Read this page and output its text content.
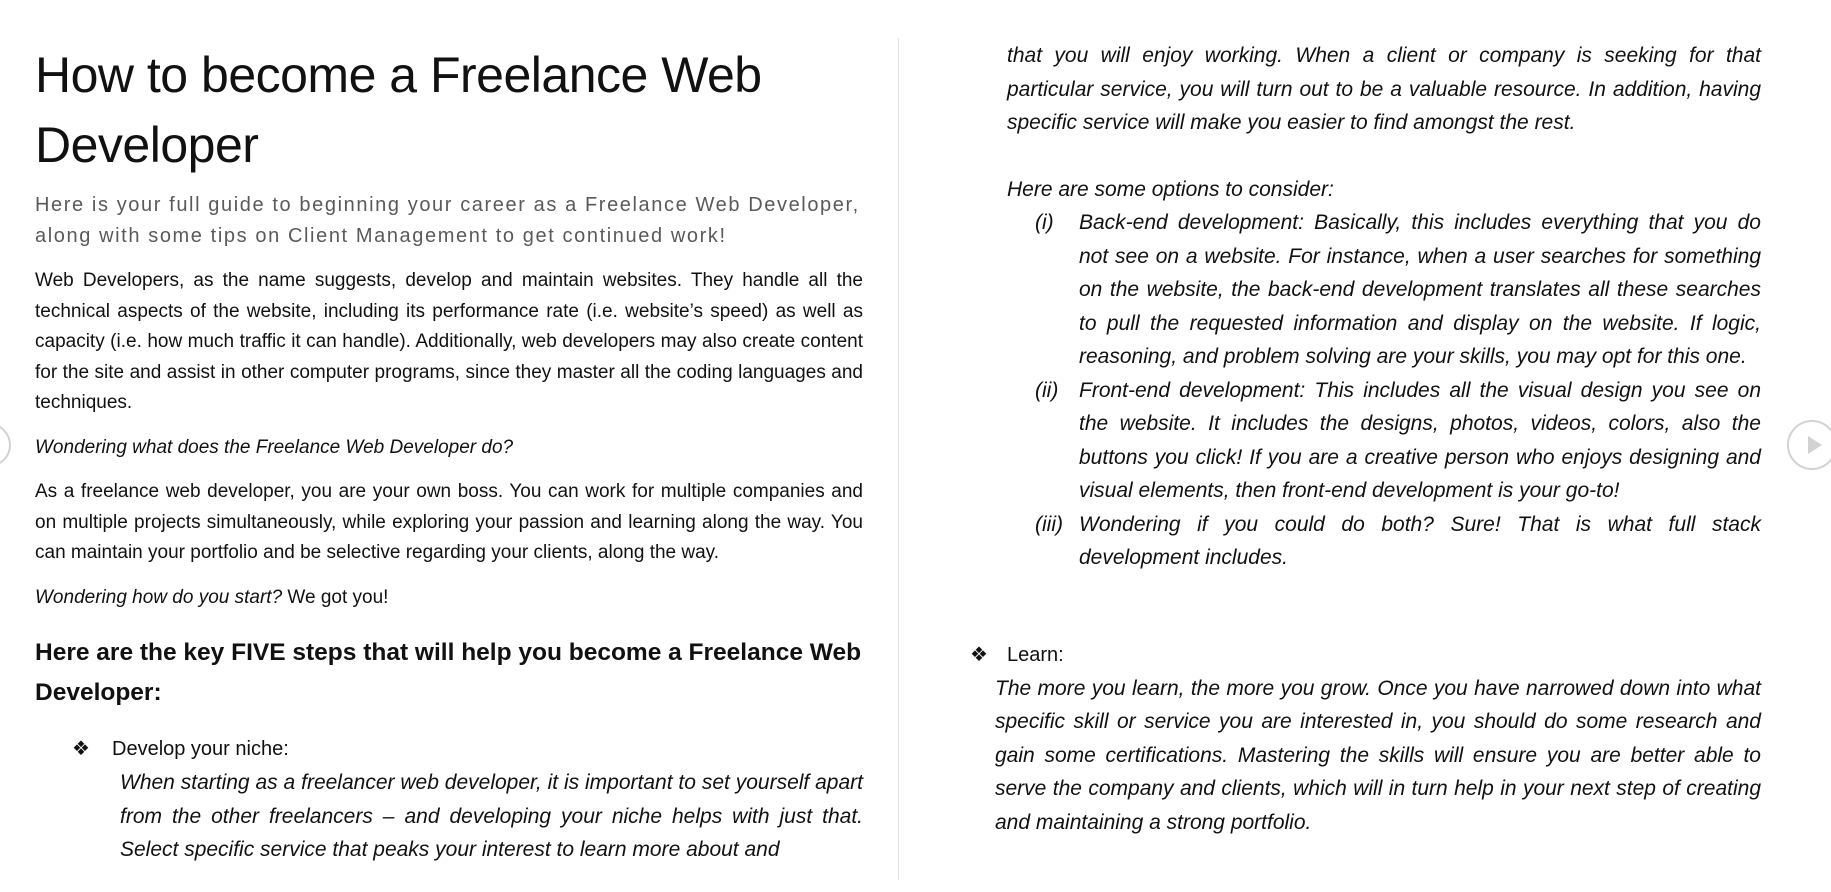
How to become a Freelance Web Developer

Here is your full guide to beginning your career as a Freelance Web Developer, along with some tips on Client Management to get continued work!

Web Developers, as the name suggests, develop and maintain websites. They handle all the technical aspects of the website, including its performance rate (i.e. website’s speed) as well as capacity (i.e. how much traffic it can handle). Additionally, web developers may also create content for the site and assist in other computer programs, since they master all the coding languages and techniques.

Wondering what does the Freelance Web Developer do?

As a freelance web developer, you are your own boss. You can work for multiple companies and on multiple projects simultaneously, while exploring your passion and learning along the way. You can maintain your portfolio and be selective regarding your clients, along the way.

Wondering how do you start? We got you!

Here are the key FIVE steps that will help you become a Freelance Web Developer:
❖ Develop your niche:
When starting as a freelancer web developer, it is important to set yourself apart from the other freelancers – and developing your niche helps with just that. Select specific service that peaks your interest to learn more about and

that you will enjoy working. When a client or company is seeking for that particular service, you will turn out to be a valuable resource. In addition, having specific service will make you easier to find amongst the rest.

Here are some options to consider:

(i) Back-end development: Basically, this includes everything that you do not see on a website. For instance, when a user searches for something on the website, the back-end development translates all these searches to pull the requested information and display on the website. If logic, reasoning, and problem solving are your skills, you may opt for this one.
(ii) Front-end development: This includes all the visual design you see on the website. It includes the designs, photos, videos, colors, also the buttons you click! If you are a creative person who enjoys designing and visual elements, then front-end development is your go-to!
(iii) Wondering if you could do both? Sure! That is what full stack development includes.
❖ Learn:
The more you learn, the more you grow. Once you have narrowed down into what specific skill or service you are interested in, you should do some research and gain some certifications. Mastering the skills will ensure you are better able to serve the company and clients, which will in turn help in your next step of creating and maintaining a strong portfolio.
